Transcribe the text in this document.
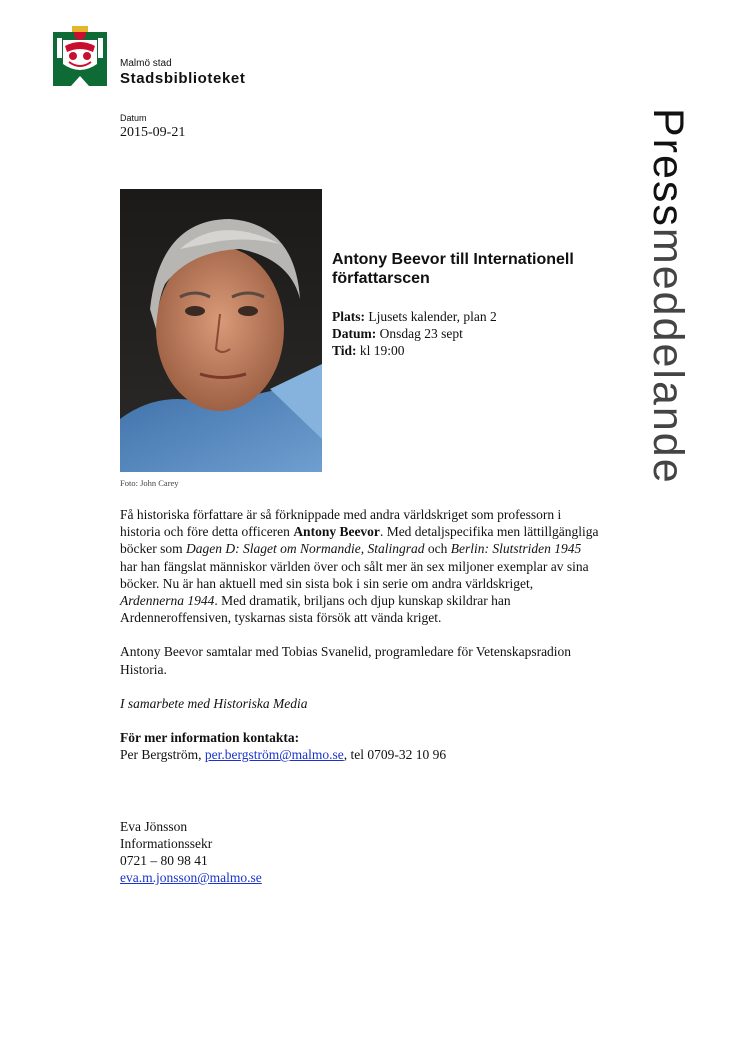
Malmö stad
Stadsbiblioteket
Datum
2015-09-21	Pressmeddelande
Foto: John Carey
Antony Beevor till Internationell författarscen
Plats: Ljusets kalender, plan 2
Datum: Onsdag 23 sept
Tid: kl 19:00

Få historiska författare är så förknippade med andra världskriget som professorn i historia och före detta officeren Antony Beevor. Med detaljspecifika men lättillgängliga böcker som Dagen D: Slaget om Normandie, Stalingrad och Berlin: Slutstriden 1945 har han fängslat människor världen över och sålt mer än sex miljoner exemplar av sina böcker. Nu är han aktuell med sin sista bok i sin serie om andra världskriget, Ardennerna 1944. Med dramatik, briljans och djup kunskap skildrar han Ardenneroffensiven, tyskarnas sista försök att vända kriget.

Antony Beevor samtalar med Tobias Svanelid, programledare för Vetenskapsradion Historia.

I samarbete med Historiska Media

För mer information kontakta:
Per Bergström, per.bergström@malmo.se, tel 0709-32 10 96

Eva Jönsson
Informationssekr
0721 – 80 98 41
eva.m.jonsson@malmo.se
